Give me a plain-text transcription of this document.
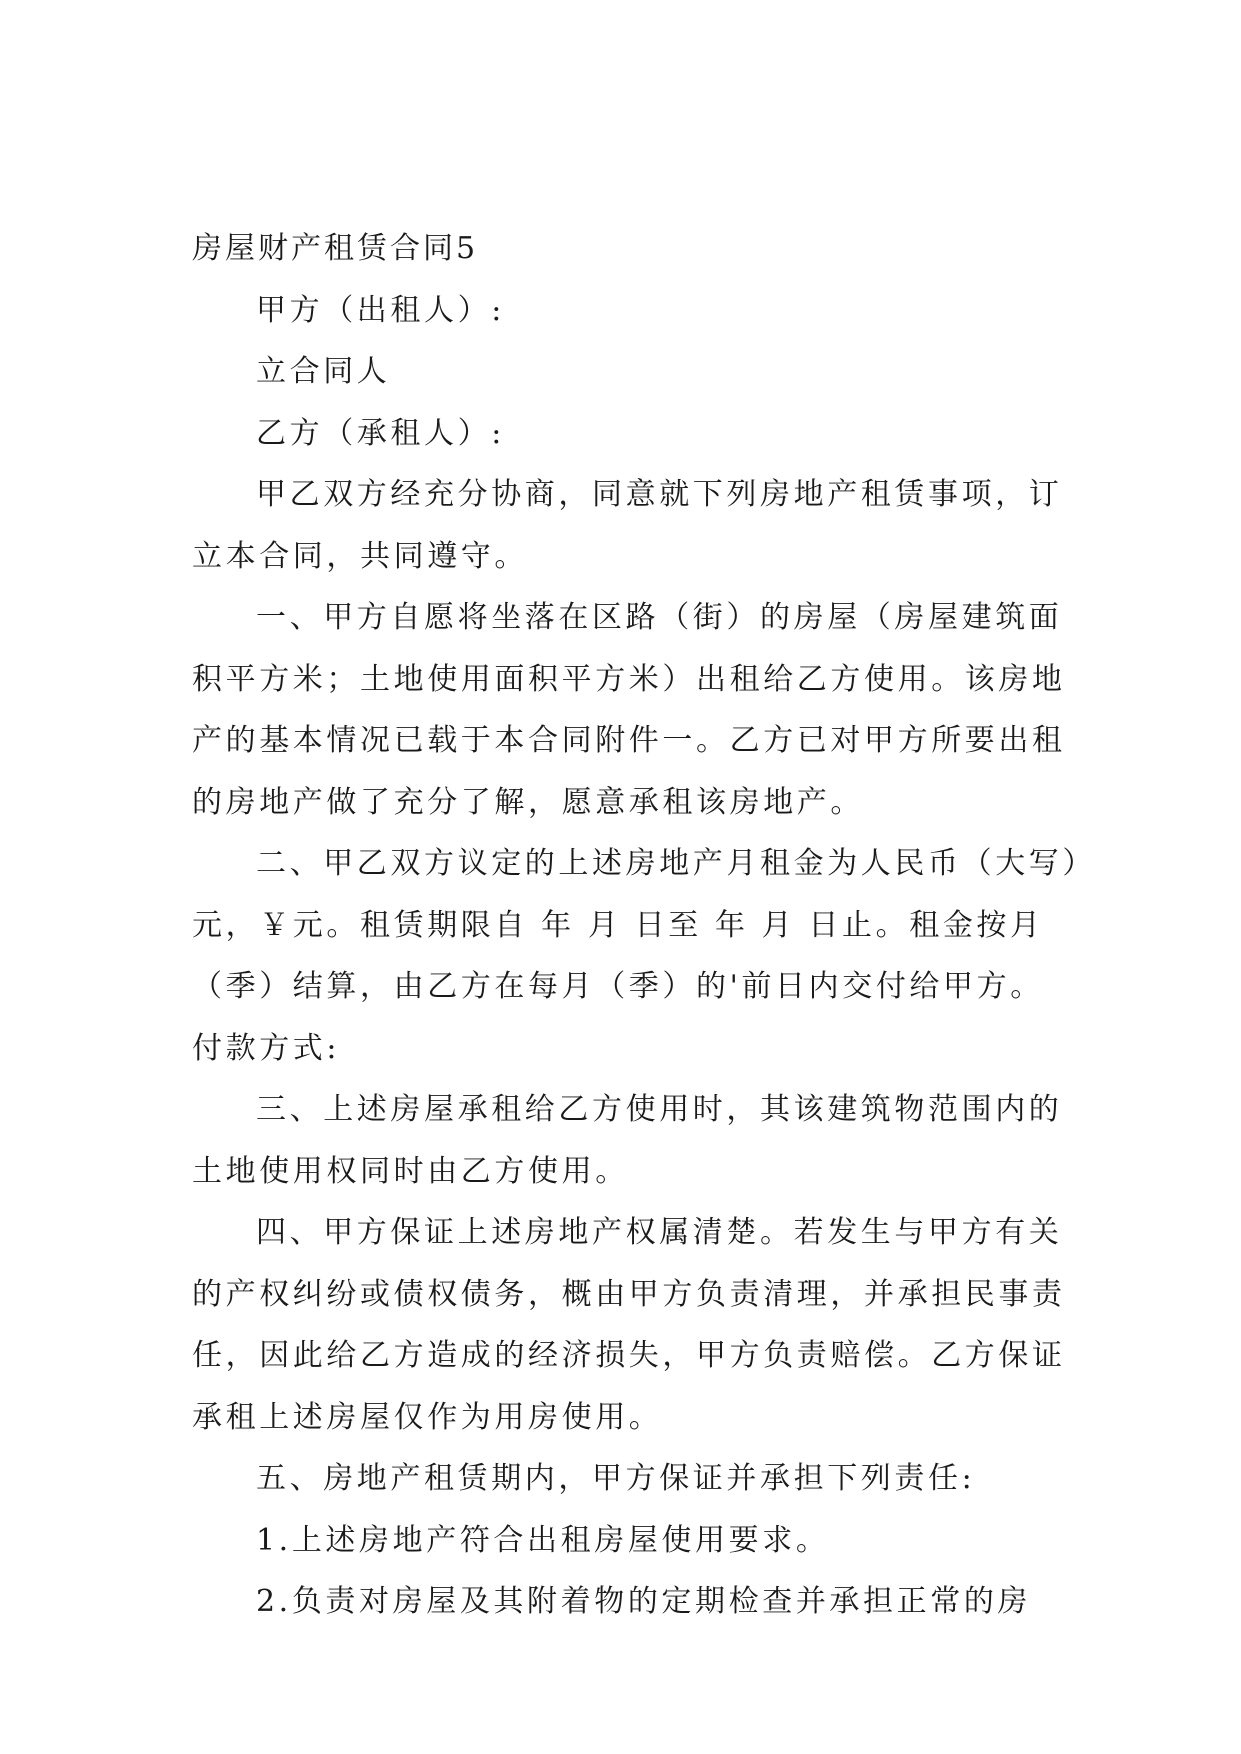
房屋财产租赁合同5
甲方（出租人）:
立合同人
乙方（承租人）:
甲乙双方经充分协商，同意就下列房地产租赁事项，订
立本合同，共同遵守。
一、甲方自愿将坐落在区路（街）的房屋（房屋建筑面
积平方米；土地使用面积平方米）出租给乙方使用。该房地
产的基本情况已载于本合同附件一。乙方已对甲方所要出租
的房地产做了充分了解，愿意承租该房地产。
二、甲乙双方议定的上述房地产月租金为人民币（大写）
元，￥元。租赁期限自 年 月 日至 年 月 日止。租金按月
（季）结算，由乙方在每月（季）的'前日内交付给甲方。
付款方式:
三、上述房屋承租给乙方使用时，其该建筑物范围内的
土地使用权同时由乙方使用。
四、甲方保证上述房地产权属清楚。若发生与甲方有关
的产权纠纷或债权债务，概由甲方负责清理，并承担民事责
任，因此给乙方造成的经济损失，甲方负责赔偿。乙方保证
承租上述房屋仅作为用房使用。
五、房地产租赁期内，甲方保证并承担下列责任:
1.上述房地产符合出租房屋使用要求。
2.负责对房屋及其附着物的定期检查并承担正常的房
